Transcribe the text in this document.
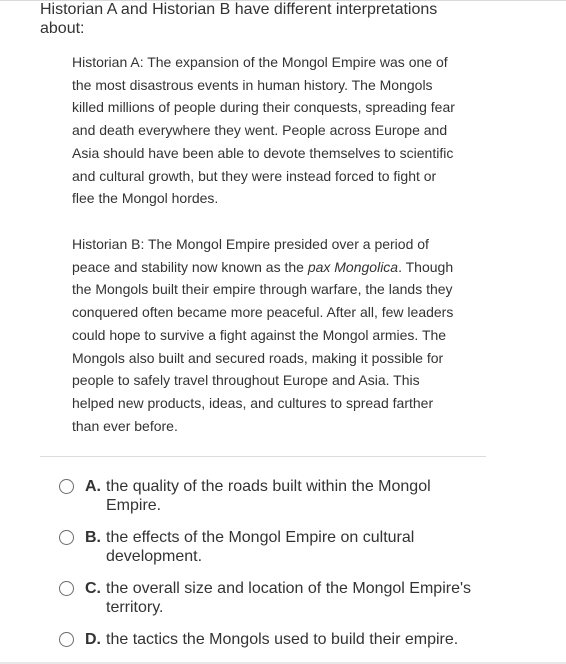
Historian A and Historian B have different interpretations about:

Historian A: The expansion of the Mongol Empire was one of the most disastrous events in human history. The Mongols killed millions of people during their conquests, spreading fear and death everywhere they went. People across Europe and Asia should have been able to devote themselves to scientific and cultural growth, but they were instead forced to fight or flee the Mongol hordes.

Historian B: The Mongol Empire presided over a period of peace and stability now known as the pax Mongolica. Though the Mongols built their empire through warfare, the lands they conquered often became more peaceful. After all, few leaders could hope to survive a fight against the Mongol armies. The Mongols also built and secured roads, making it possible for people to safely travel throughout Europe and Asia. This helped new products, ideas, and cultures to spread farther than ever before.

A. the quality of the roads built within the Mongol Empire.
B. the effects of the Mongol Empire on cultural development.
C. the overall size and location of the Mongol Empire's territory.
D. the tactics the Mongols used to build their empire.
